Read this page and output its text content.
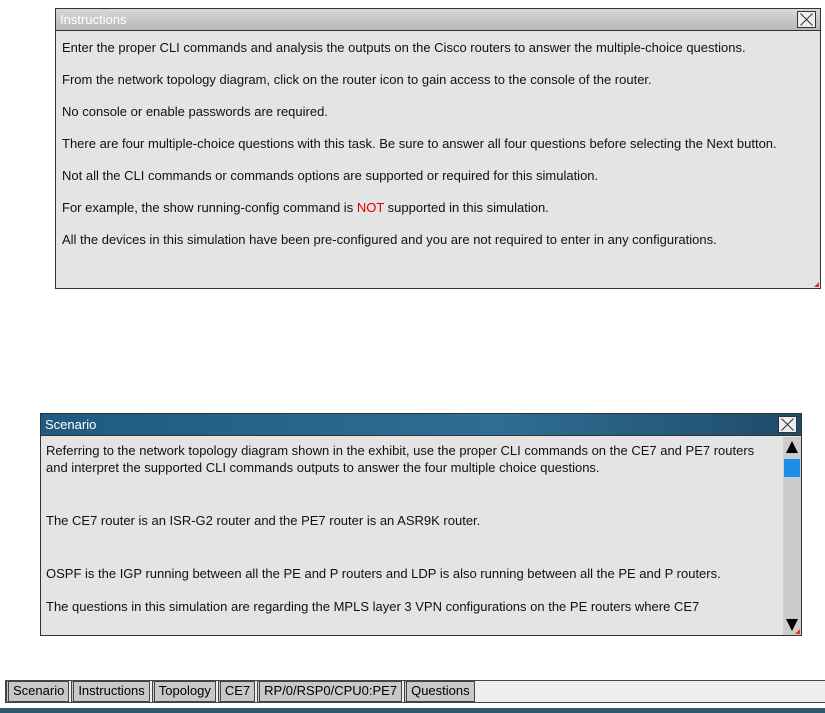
Instructions

Enter the proper CLI commands and analysis the outputs on the Cisco routers to answer the multiple-choice questions.

From the network topology diagram, click on the router icon to gain access to the console of the router.

No console or enable passwords are required.

There are four multiple-choice questions with this task. Be sure to answer all four questions before selecting the Next button.

Not all the CLI commands or commands options are supported or required for this simulation.

For example, the show running-config command is NOT supported in this simulation.

All the devices in this simulation have been pre-configured and you are not required to enter in any configurations.

Scenario

Referring to the network topology diagram shown in the exhibit, use the proper CLI commands on the CE7 and PE7 routers and interpret the supported CLI commands outputs to answer the four multiple choice questions.

The CE7 router is an ISR-G2 router and the PE7 router is an ASR9K router.

OSPF is the IGP running between all the PE and P routers and LDP is also running between all the PE and P routers.

The questions in this simulation are regarding the MPLS layer 3 VPN configurations on the PE routers where CE7

Scenario	Instructions	Topology	CE7	RP/0/RSP0/CPU0:PE7	Questions
